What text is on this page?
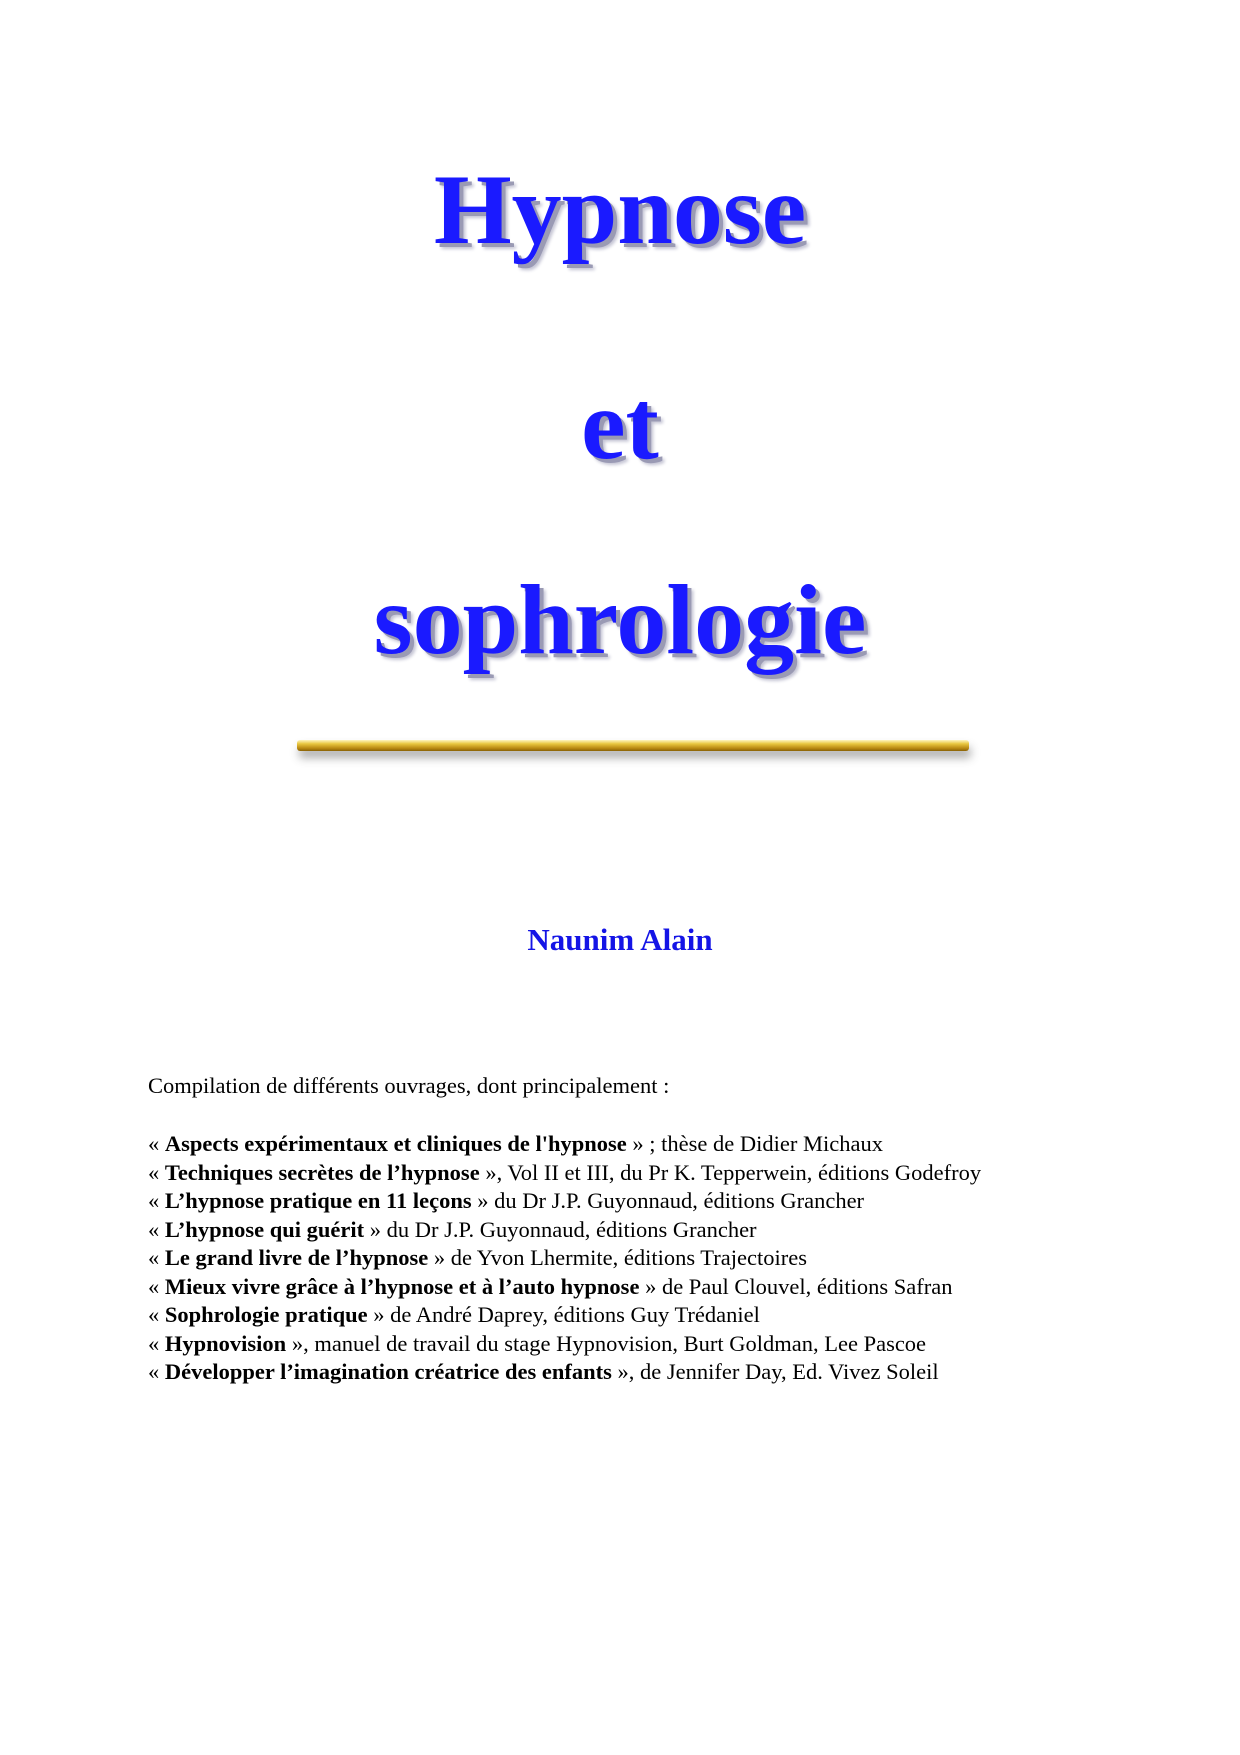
Hypnose
et
sophrologie
Naunim Alain
Compilation de différents ouvrages, dont principalement :
« Aspects expérimentaux et cliniques de l'hypnose » ; thèse de Didier Michaux
« Techniques secrètes de l’hypnose », Vol II et III, du Pr K. Tepperwein, éditions Godefroy
« L’hypnose pratique en 11 leçons » du Dr J.P. Guyonnaud, éditions Grancher
« L’hypnose qui guérit » du Dr J.P. Guyonnaud, éditions Grancher
« Le grand livre de l’hypnose » de Yvon Lhermite, éditions Trajectoires
« Mieux vivre grâce à l’hypnose et à l’auto hypnose » de Paul Clouvel, éditions Safran
« Sophrologie pratique » de André Daprey, éditions Guy Trédaniel
« Hypnovision », manuel de travail du stage Hypnovision, Burt Goldman, Lee Pascoe
« Développer l’imagination créatrice des enfants », de Jennifer Day, Ed. Vivez Soleil
